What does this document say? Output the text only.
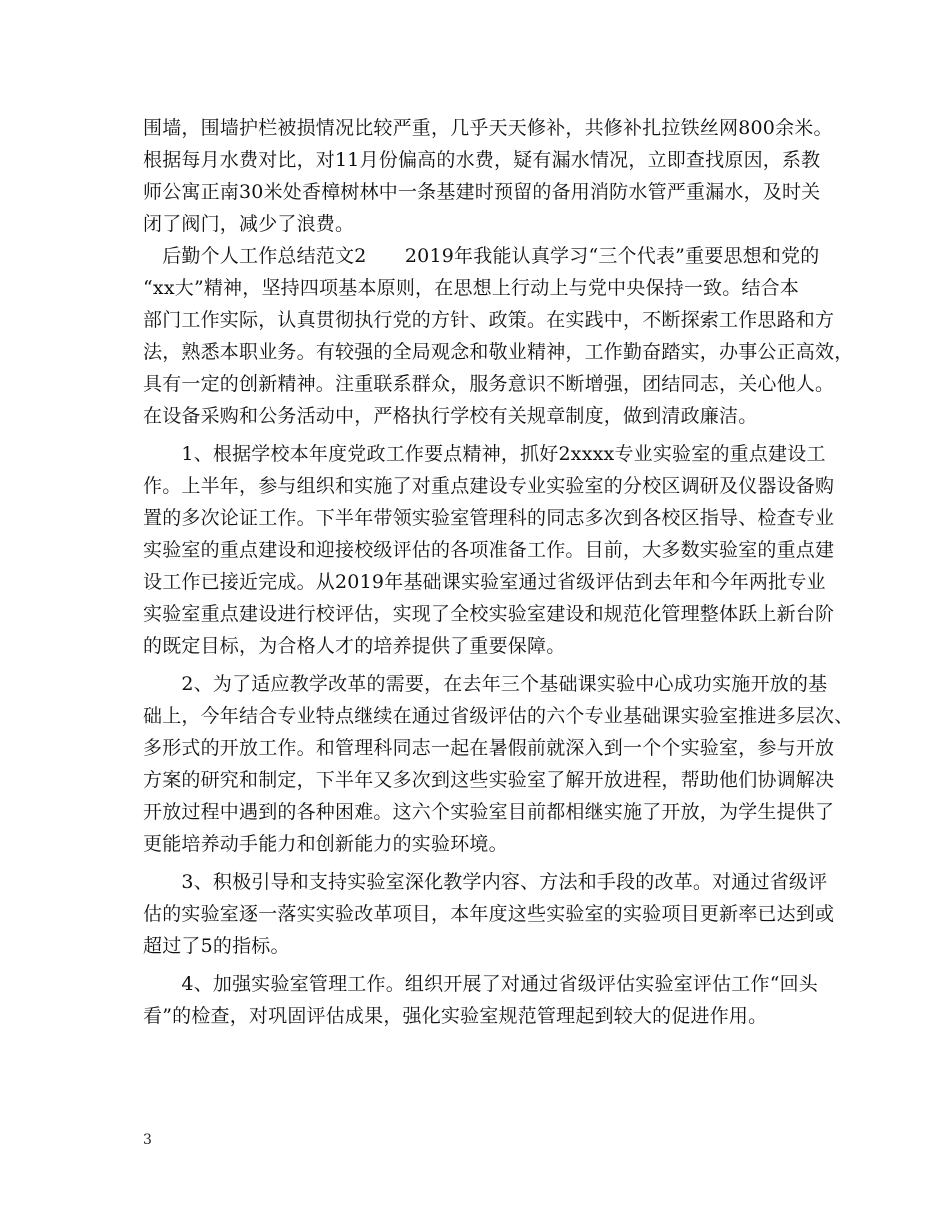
围墙，围墙护栏被损情况比较严重，几乎天天修补，共修补扎拉铁丝网800余米。
根据每月水费对比，对11月份偏高的水费，疑有漏水情况，立即查找原因，系教
师公寓正南30米处香樟树林中一条基建时预留的备用消防水管严重漏水，及时关
闭了阀门，减少了浪费。
　后勤个人工作总结范文2　　2019年我能认真学习“三个代表”重要思想和党的
“xx大”精神，坚持四项基本原则，在思想上行动上与党中央保持一致。结合本
部门工作实际，认真贯彻执行党的方针、政策。在实践中，不断探索工作思路和方
法，熟悉本职业务。有较强的全局观念和敬业精神，工作勤奋踏实，办事公正高效，
具有一定的创新精神。注重联系群众，服务意识不断增强，团结同志，关心他人。
在设备采购和公务活动中，严格执行学校有关规章制度，做到清政廉洁。
　　1、根据学校本年度党政工作要点精神，抓好2xxxx专业实验室的重点建设工
作。上半年，参与组织和实施了对重点建设专业实验室的分校区调研及仪器设备购
置的多次论证工作。下半年带领实验室管理科的同志多次到各校区指导、检查专业
实验室的重点建设和迎接校级评估的各项准备工作。目前，大多数实验室的重点建
设工作已接近完成。从2019年基础课实验室通过省级评估到去年和今年两批专业
实验室重点建设进行校评估，实现了全校实验室建设和规范化管理整体跃上新台阶
的既定目标，为合格人才的培养提供了重要保障。
　　2、为了适应教学改革的需要，在去年三个基础课实验中心成功实施开放的基
础上，今年结合专业特点继续在通过省级评估的六个专业基础课实验室推进多层次、
多形式的开放工作。和管理科同志一起在暑假前就深入到一个个实验室，参与开放
方案的研究和制定，下半年又多次到这些实验室了解开放进程，帮助他们协调解决
开放过程中遇到的各种困难。这六个实验室目前都相继实施了开放，为学生提供了
更能培养动手能力和创新能力的实验环境。
　　3、积极引导和支持实验室深化教学内容、方法和手段的改革。对通过省级评
估的实验室逐一落实实验改革项目，本年度这些实验室的实验项目更新率已达到或
超过了5的指标。
　　4、加强实验室管理工作。组织开展了对通过省级评估实验室评估工作“回头
看”的检查，对巩固评估成果，强化实验室规范管理起到较大的促进作用。
3
